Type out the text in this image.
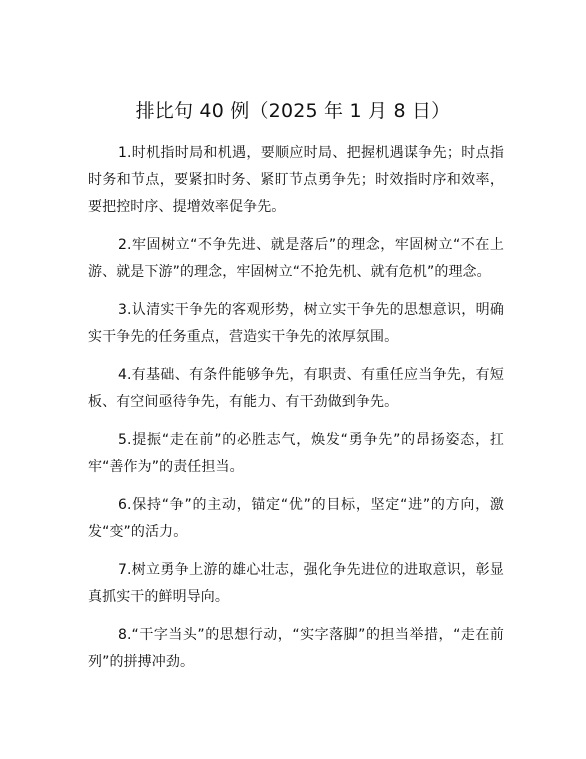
排比句 40 例（2025 年 1 月 8 日）

1.时机指时局和机遇，要顺应时局、把握机遇谋争先；时点指时务和节点，要紧扣时务、紧盯节点勇争先；时效指时序和效率，要把控时序、提增效率促争先。

2.牢固树立“不争先进、就是落后”的理念，牢固树立“不在上游、就是下游”的理念，牢固树立“不抢先机、就有危机”的理念。

3.认清实干争先的客观形势，树立实干争先的思想意识，明确实干争先的任务重点，营造实干争先的浓厚氛围。

4.有基础、有条件能够争先，有职责、有重任应当争先，有短板、有空间亟待争先，有能力、有干劲做到争先。

5.提振“走在前”的必胜志气，焕发“勇争先”的昂扬姿态，扛牢“善作为”的责任担当。

6.保持“争”的主动，锚定“优”的目标，坚定“进”的方向，激发“变”的活力。

7.树立勇争上游的雄心壮志，强化争先进位的进取意识，彰显真抓实干的鲜明导向。

8.“干字当头”的思想行动，“实字落脚”的担当举措，“走在前列”的拼搏冲劲。
